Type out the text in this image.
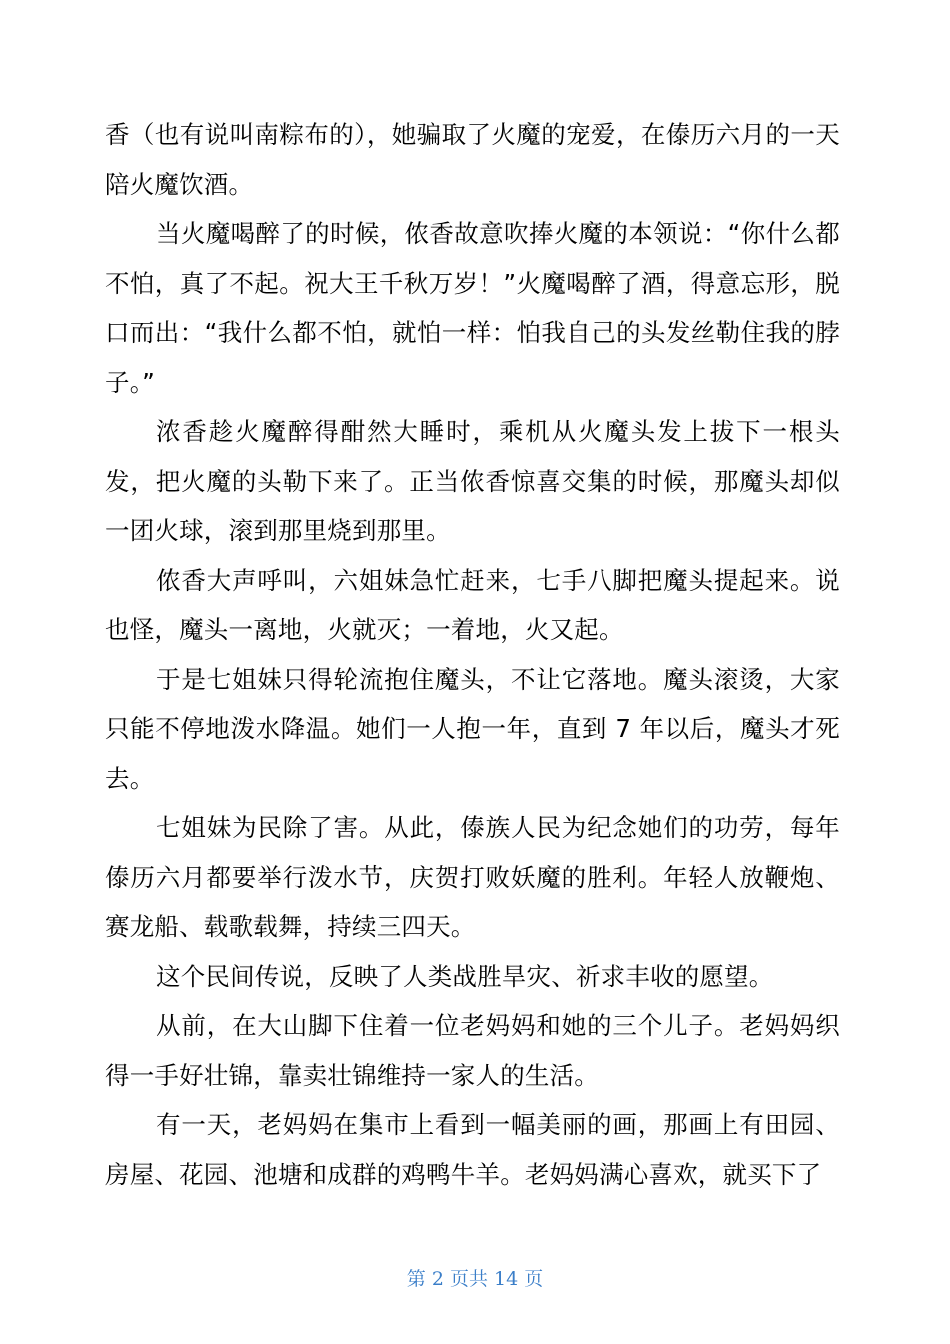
香（也有说叫南粽布的），她骗取了火魔的宠爱，在傣历六月的一天陪火魔饮酒。

当火魔喝醉了的时候，侬香故意吹捧火魔的本领说：“你什么都不怕，真了不起。祝大王千秋万岁！”火魔喝醉了酒，得意忘形，脱口而出：“我什么都不怕，就怕一样：怕我自己的头发丝勒住我的脖子。”

浓香趁火魔醉得酣然大睡时，乘机从火魔头发上拔下一根头发，把火魔的头勒下来了。正当侬香惊喜交集的时候，那魔头却似一团火球，滚到那里烧到那里。

侬香大声呼叫，六姐妹急忙赶来，七手八脚把魔头提起来。说也怪，魔头一离地，火就灭；一着地，火又起。

于是七姐妹只得轮流抱住魔头，不让它落地。魔头滚烫，大家只能不停地泼水降温。她们一人抱一年，直到 7 年以后，魔头才死去。

七姐妹为民除了害。从此，傣族人民为纪念她们的功劳，每年傣历六月都要举行泼水节，庆贺打败妖魔的胜利。年轻人放鞭炮、赛龙船、载歌载舞，持续三四天。

这个民间传说，反映了人类战胜旱灾、祈求丰收的愿望。

从前，在大山脚下住着一位老妈妈和她的三个儿子。老妈妈织得一手好壮锦，靠卖壮锦维持一家人的生活。

有一天，老妈妈在集市上看到一幅美丽的画，那画上有田园、房屋、花园、池塘和成群的鸡鸭牛羊。老妈妈满心喜欢，就买下了

第 2 页共 14 页
